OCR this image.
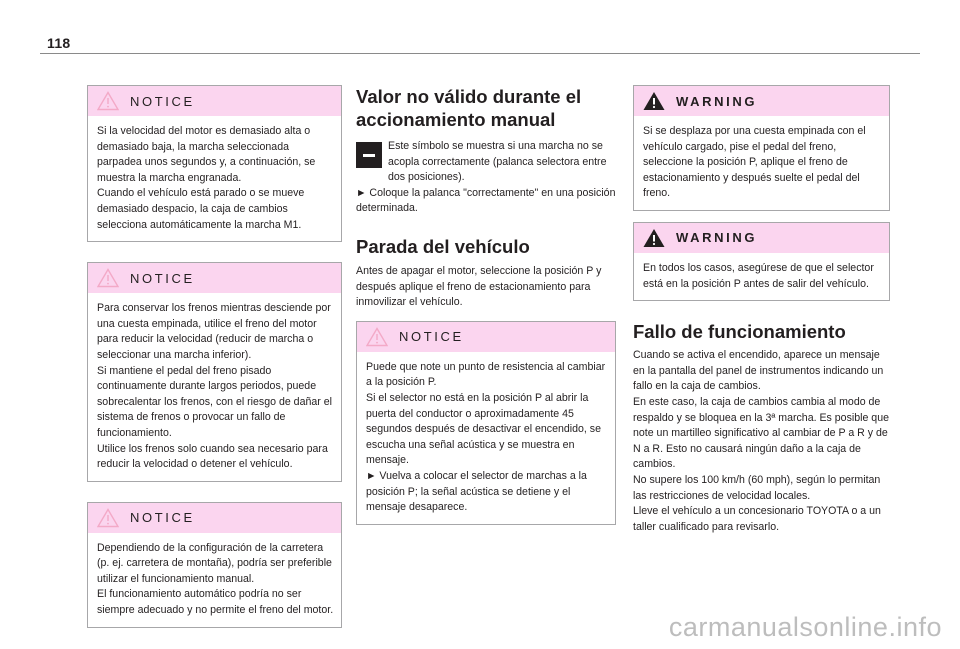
118
NOTICE

Si la velocidad del motor es demasiado alta o demasiado baja, la marcha seleccionada parpadea unos segundos y, a continuación, se muestra la marcha engranada.

Cuando el vehículo está parado o se mueve demasiado despacio, la caja de cambios selecciona automáticamente la marcha M1.

NOTICE

Para conservar los frenos mientras desciende por una cuesta empinada, utilice el freno del motor para reducir la velocidad (reducir de marcha o seleccionar una marcha inferior).

Si mantiene el pedal del freno pisado continuamente durante largos periodos, puede sobrecalentar los frenos, con el riesgo de dañar el sistema de frenos o provocar un fallo de funcionamiento.

Utilice los frenos solo cuando sea necesario para reducir la velocidad o detener el vehículo.

NOTICE

Dependiendo de la configuración de la carretera (p. ej. carretera de montaña), podría ser preferible utilizar el funcionamiento manual.

El funcionamiento automático podría no ser siempre adecuado y no permite el freno del motor.

Valor no válido durante el accionamiento manual

Este símbolo se muestra si una marcha no se acopla correctamente (palanca selectora entre dos posiciones).

► Coloque la palanca "correctamente" en una posición determinada.

Parada del vehículo

Antes de apagar el motor, seleccione la posición P y después aplique el freno de estacionamiento para inmovilizar el vehículo.

NOTICE

Puede que note un punto de resistencia al cambiar a la posición P.

Si el selector no está en la posición P al abrir la puerta del conductor o aproximadamente 45 segundos después de desactivar el encendido, se escucha una señal acústica y se muestra en mensaje.

► Vuelva a colocar el selector de marchas a la posición P; la señal acústica se detiene y el mensaje desaparece.

WARNING

Si se desplaza por una cuesta empinada con el vehículo cargado, pise el pedal del freno, seleccione la posición P, aplique el freno de estacionamiento y después suelte el pedal del freno.

WARNING

En todos los casos, asegúrese de que el selector está en la posición P antes de salir del vehículo.

Fallo de funcionamiento

Cuando se activa el encendido, aparece un mensaje en la pantalla del panel de instrumentos indicando un fallo en la caja de cambios.

En este caso, la caja de cambios cambia al modo de respaldo y se bloquea en la 3ª marcha. Es posible que note un martilleo significativo al cambiar de P a R y de N a R. Esto no causará ningún daño a la caja de cambios.

No supere los 100 km/h (60 mph), según lo permitan las restricciones de velocidad locales.

Lleve el vehículo a un concesionario TOYOTA o a un taller cualificado para revisarlo.

carmanualsonline.info
